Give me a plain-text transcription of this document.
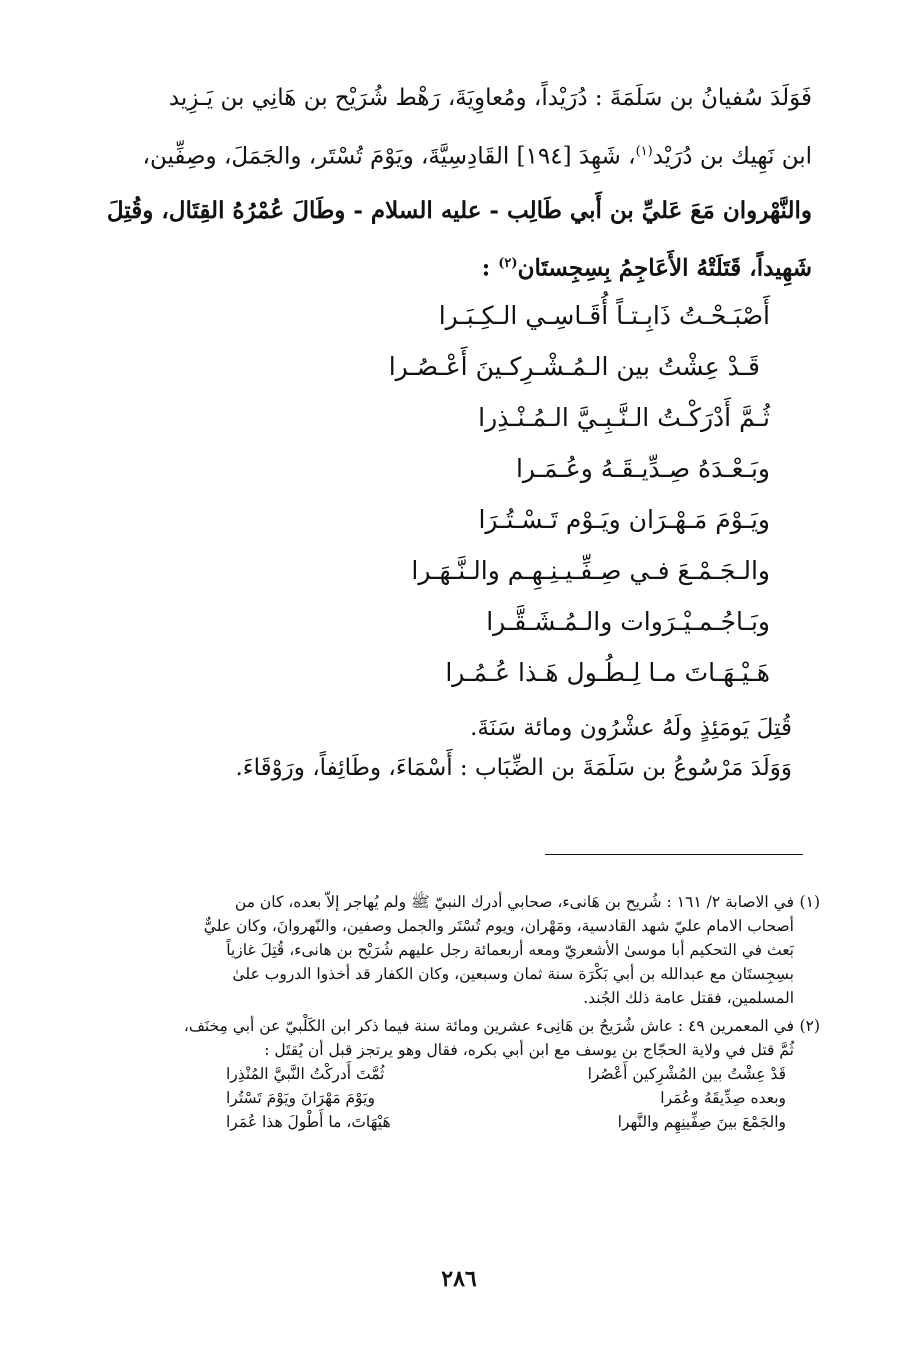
فَوَلَدَ سُفيانُ بن سَلَمَةَ : دُرَيْداً، ومُعاوِيَةَ، رَهْط شُرَيْح بن هَانِي بن يَـزِيد

ابن نَهِيك بن دُرَيْد$^{(١)}$، شَهِدَ [١٩٤] القَادِسِيَّةَ، ويَوْمَ تُسْتَر، والجَمَلَ، وصِفِّين،

والنَّهْروان مَعَ عَليِّ بن أَبي طَالِب - عليه السلام - وطَالَ عُمْرُهُ القِتَال، وقُتِلَ

شَهِيداً، قَتَلَتْهُ الأَعَاجِمُ بِسِجِستَان$^{(٢)}$ :

أَصْبَـحْـتُ ذَابِـتـاً أُقَـاسِـي الـكِـبَـرا
قَـدْ عِشْتُ بين الـمُـشْـرِكـينَ أَعْـصُـرا
ثُـمَّ أَدْرَكْـتُ الـنَّـبِـيَّ الـمُـنْـذِرا
وبَـعْـدَهُ صِـدِّيـقَـهُ وعُـمَـرا
ويَـوْمَ مَـهْـرَان ويَـوْم تَـسْـتُـرَا
والـجَـمْـعَ فـي صِـفِّـيـنِـهِـم والـنَّـهَـرا
وبَـاجُـمـيْـرَوات والـمُـشَـقَّـرا
هَـيْـهَـاتَ مـا لِـطُـول هَـذا عُـمُـرا

قُتِلَ يَومَئِذٍ ولَهُ عشْرُون ومائة سَنَةَ.

وَوَلَدَ مَرْسُوعُ بن سَلَمَةَ بن الضِّبَاب : أَسْمَاءَ، وطَائِفاً، ورَوْقَاءَ.

(١)في الاصابة ٢/ ١٦١ : شُريح بن هَانىء، صحابي أدرك النبيّ ﷺ ولم يُهاجر إلاّ بعده، كان من
أصحاب الامام عليّ شهد القادسية، ومَهْران، ويوم تُسْتَر والجمل وصفين، والنّهروانَ، وكان عليٌّ
بَعث في التحكيم أبا موسىٰ الأشعريّ ومعه أربعمائة رجل عليهم شُرَيْح بن هانىء، قُتِلَ غازياً
بسِجِستَان مع عبدالله بن أبي بَكْرَة سنة ثمان وسبعين، وكان الكفار قد أخذوا الدروب علىٰ
المسلمين، فقتل عامة ذلك الجُند.
(٢)في المعمرين ٤٩ : عاش شُرَيحُ بن هَانِىء عشرين ومائة سنة فيما ذكر ابن الكَلْبيّ عن أبي مِخنَف،
ثُمَّ قتل في ولاية الحجّاج بن يوسف مع ابن أبي بكره، فقال وهو يرتجز قبل أن يُقتَل :
قَدْ عِشْتُ بين المُشْرِكين أَعْصُرا
ثُمَّتَ أَدركْتُ النَّبيَّ المُنْذِرا
وبعده صِدِّيقَهُ وعُمَرا
ويَوْمَ مَهْرَانَ ويَوْمَ تَسْتُرا
والجَمْعَ بينَ صِفِّينِهِم والنَّهرا
هَيْهَاتَ، ما أَطْولَ هذا عُمَرا
٢٨٦
